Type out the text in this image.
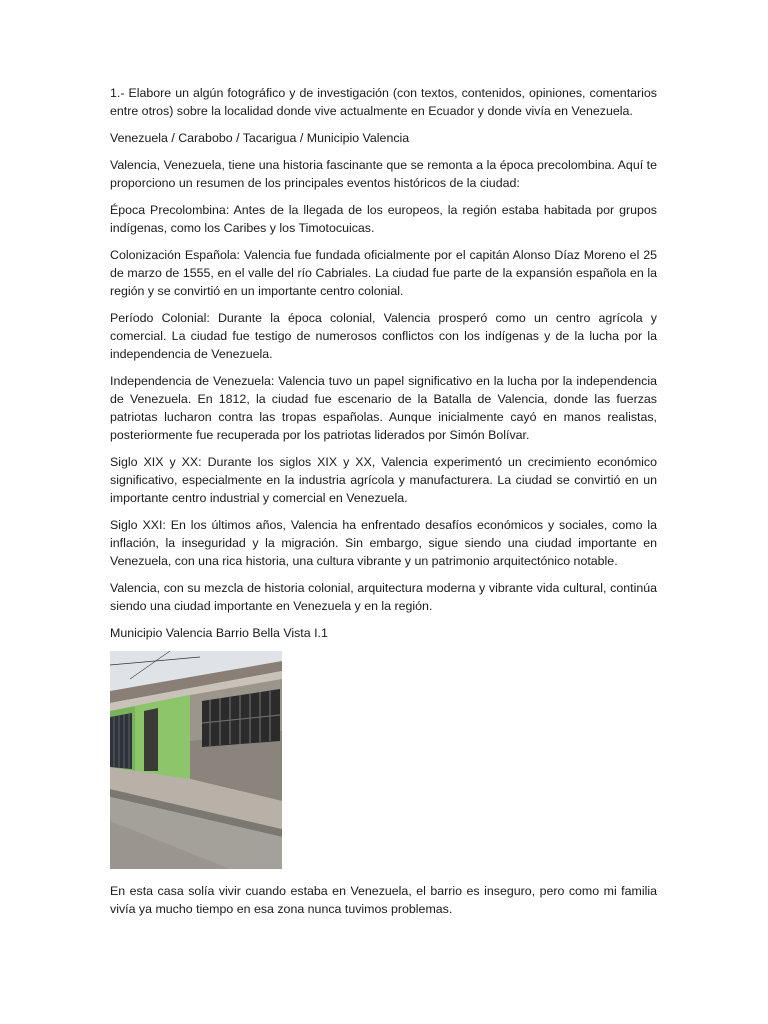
1.- Elabore un algún fotográfico y de investigación (con textos, contenidos, opiniones, comentarios entre otros) sobre la localidad donde vive actualmente en Ecuador y donde vivía en Venezuela.

Venezuela / Carabobo / Tacarigua / Municipio Valencia

Valencia, Venezuela, tiene una historia fascinante que se remonta a la época precolombina. Aquí te proporciono un resumen de los principales eventos históricos de la ciudad:

Época Precolombina: Antes de la llegada de los europeos, la región estaba habitada por grupos indígenas, como los Caribes y los Timotocuicas.

Colonización Española: Valencia fue fundada oficialmente por el capitán Alonso Díaz Moreno el 25 de marzo de 1555, en el valle del río Cabriales. La ciudad fue parte de la expansión española en la región y se convirtió en un importante centro colonial.

Período Colonial: Durante la época colonial, Valencia prosperó como un centro agrícola y comercial. La ciudad fue testigo de numerosos conflictos con los indígenas y de la lucha por la independencia de Venezuela.

Independencia de Venezuela: Valencia tuvo un papel significativo en la lucha por la independencia de Venezuela. En 1812, la ciudad fue escenario de la Batalla de Valencia, donde las fuerzas patriotas lucharon contra las tropas españolas. Aunque inicialmente cayó en manos realistas, posteriormente fue recuperada por los patriotas liderados por Simón Bolívar.

Siglo XIX y XX: Durante los siglos XIX y XX, Valencia experimentó un crecimiento económico significativo, especialmente en la industria agrícola y manufacturera. La ciudad se convirtió en un importante centro industrial y comercial en Venezuela.

Siglo XXI: En los últimos años, Valencia ha enfrentado desafíos económicos y sociales, como la inflación, la inseguridad y la migración. Sin embargo, sigue siendo una ciudad importante en Venezuela, con una rica historia, una cultura vibrante y un patrimonio arquitectónico notable.

Valencia, con su mezcla de historia colonial, arquitectura moderna y vibrante vida cultural, continúa siendo una ciudad importante en Venezuela y en la región.

Municipio Valencia Barrio Bella Vista I.1

En esta casa solía vivir cuando estaba en Venezuela, el barrio es inseguro, pero como mi familia vivía ya mucho tiempo en esa zona nunca tuvimos problemas.
